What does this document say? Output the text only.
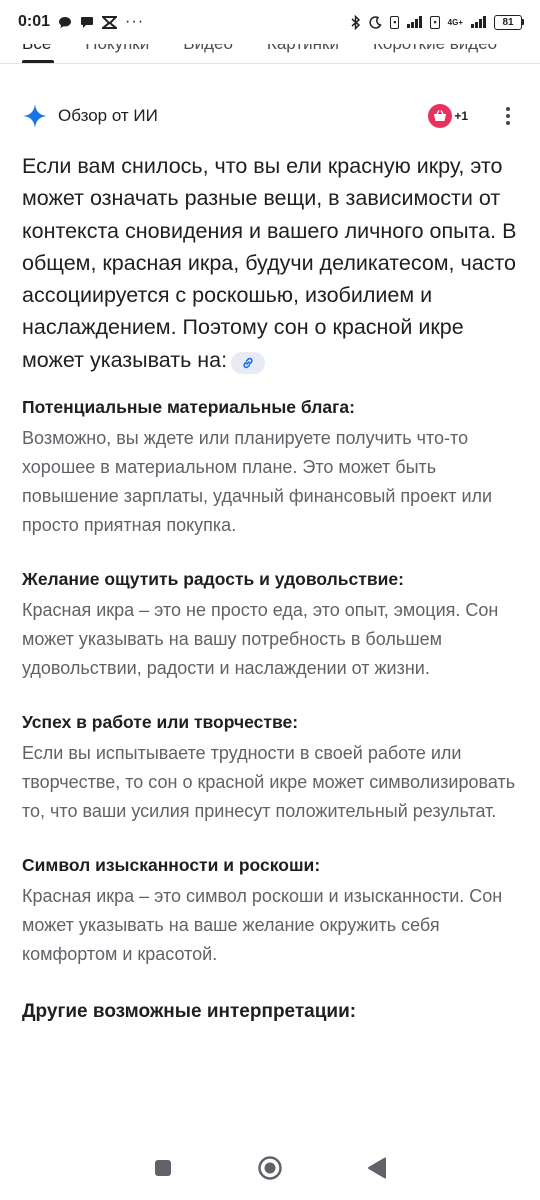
0:01	···	▪	▪	4G+	81
Обзор от ИИ	+1

Если вам снилось, что вы ели красную икру, это может означать разные вещи, в зависимости от контекста сновидения и вашего личного опыта. В общем, красная икра, будучи деликатесом, часто ассоциируется с роскошью, изобилием и наслаждением. Поэтому сон о красной икре может указывать на:

Потенциальные материальные блага:

Возможно, вы ждете или планируете получить что-то хорошее в материальном плане. Это может быть повышение зарплаты, удачный финансовый проект или просто приятная покупка.

Желание ощутить радость и удовольствие:

Красная икра – это не просто еда, это опыт, эмоция. Сон может указывать на вашу потребность в большем удовольствии, радости и наслаждении от жизни.

Успех в работе или творчестве:

Если вы испытываете трудности в своей работе или творчестве, то сон о красной икре может символизировать то, что ваши усилия принесут положительный результат.

Символ изысканности и роскоши:

Красная икра – это символ роскоши и изысканности. Сон может указывать на ваше желание окружить себя комфортом и красотой.

Другие возможные интерпретации:
